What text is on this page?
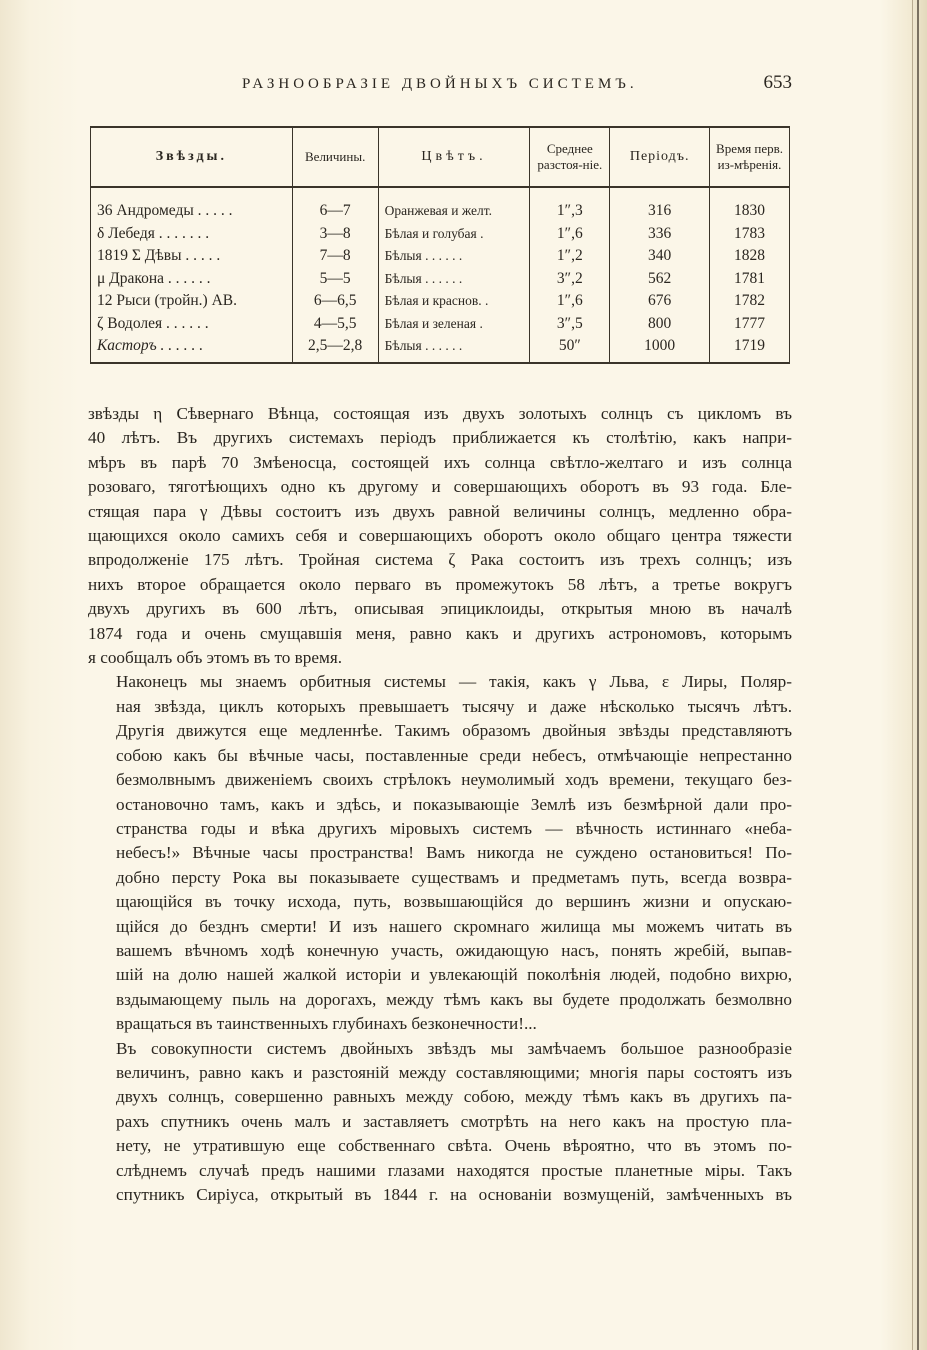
РАЗНООБРАЗІЕ ДВОЙНЫХЪ СИСТЕМЪ.	653
Звѣзды.	Величины.	Цвѣтъ.	Среднее разстоя-ніе.	Періодъ.	Время перв. из-мѣренія.

36 Андромеды . . . . .	6—7	Оранжевая и желт.	1″,3	316	1830
δ Лебедя . . . . . . .	3—8	Бѣлая и голубая .	1″,6	336	1783
1819 Σ Дѣвы . . . . .	7—8	Бѣлыя . . . . . .	1″,2	340	1828
μ Дракона . . . . . .	5—5	Бѣлыя . . . . . .	3″,2	562	1781
12 Рыси (тройн.) АВ.	6—6,5	Бѣлая и краснов. .	1″,6	676	1782
ζ Водолея . . . . . .	4—5,5	Бѣлая и зеленая .	3″,5	800	1777
Касторъ . . . . . .	2,5—2,8	Бѣлыя . . . . . .	50″	1000	1719

звѣзды η Сѣвернаго Вѣнца, состоящая изъ двухъ золотыхъ солнцъ съ цикломъ въ
40 лѣтъ. Въ другихъ системахъ періодъ приближается къ столѣтію, какъ напри-
мѣръ въ парѣ 70 Змѣеносца, состоящей ихъ солнца свѣтло-желтаго и изъ солнца
розоваго, тяготѣющихъ одно къ другому и совершающихъ оборотъ въ 93 года. Бле-
стящая пара γ Дѣвы состоитъ изъ двухъ равной величины солнцъ, медленно обра-
щающихся около самихъ себя и совершающихъ оборотъ около общаго центра тяжести
впродолженіе 175 лѣтъ. Тройная система ζ Рака состоитъ изъ трехъ солнцъ; изъ
нихъ второе обращается около перваго въ промежутокъ 58 лѣтъ, а третье вокругъ
двухъ другихъ въ 600 лѣтъ, описывая эпициклоиды, открытыя мною въ началѣ
1874 года и очень смущавшія меня, равно какъ и другихъ астрономовъ, которымъ
я сообщалъ объ этомъ въ то время.

Наконецъ мы знаемъ орбитныя системы — такія, какъ γ Льва, ε Лиры, Поляр-
ная звѣзда, циклъ которыхъ превышаетъ тысячу и даже нѣсколько тысячъ лѣтъ.
Другія движутся еще медленнѣе. Такимъ образомъ двойныя звѣзды представляютъ
собою какъ бы вѣчные часы, поставленные среди небесъ, отмѣчающіе непрестанно
безмолвнымъ движеніемъ своихъ стрѣлокъ неумолимый ходъ времени, текущаго без-
остановочно тамъ, какъ и здѣсь, и показывающіе Землѣ изъ безмѣрной дали про-
странства годы и вѣка другихъ міровыхъ системъ — вѣчность истиннаго «неба-
небесъ!» Вѣчные часы пространства! Вамъ никогда не суждено остановиться! По-
добно персту Рока вы показываете существамъ и предметамъ путь, всегда возвра-
щающійся въ точку исхода, путь, возвышающійся до вершинъ жизни и опускаю-
щійся до безднъ смерти! И изъ нашего скромнаго жилища мы можемъ читать въ
вашемъ вѣчномъ ходѣ конечную участь, ожидающую насъ, понять жребій, выпав-
шій на долю нашей жалкой исторіи и увлекающій поколѣнія людей, подобно вихрю,
вздымающему пыль на дорогахъ, между тѣмъ какъ вы будете продолжать безмолвно
вращаться въ таинственныхъ глубинахъ безконечности!...

Въ совокупности системъ двойныхъ звѣздъ мы замѣчаемъ большое разнообразіе
величинъ, равно какъ и разстояній между составляющими; многія пары состоятъ изъ
двухъ солнцъ, совершенно равныхъ между собою, между тѣмъ какъ въ другихъ па-
рахъ спутникъ очень малъ и заставляетъ смотрѣть на него какъ на простую пла-
нету, не утратившую еще собственнаго свѣта. Очень вѣроятно, что въ этомъ по-
слѣднемъ случаѣ предъ нашими глазами находятся простые планетные міры. Такъ
спутникъ Сиріуса, открытый въ 1844 г. на основаніи возмущеній, замѣченныхъ въ
